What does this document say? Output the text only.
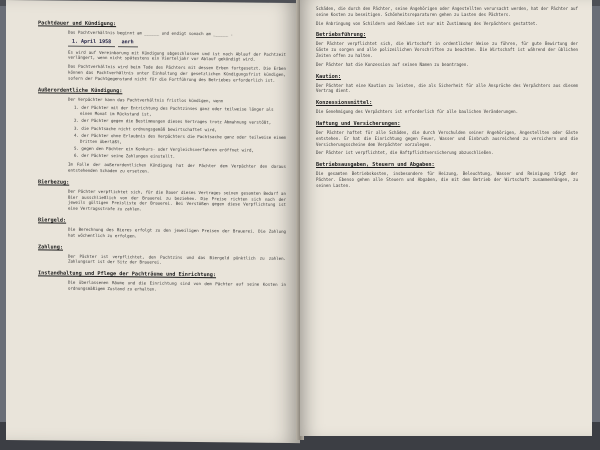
Pachtdauer und Kündigung:
Das Pachtverhältnis beginnt am ______ und endigt sonach am ______ .
1. April 1958 anrh
Es wird auf Vereinbarung mit Kündigung abgeschlossen und ist nach Ablauf der Pachtzeit verlängert, wenn nicht spätestens ein Vierteljahr vor Ablauf gekündigt wird.
Das Pachtverhältnis wird beim Tode des Pächters mit dessen Erben fortgesetzt. Die Erben können das Pachtverhältnis unter Einhaltung der gesetzlichen Kündigungsfrist kündigen, sofern der Pachtgegenstand nicht für die Fortführung des Betriebes erforderlich ist.
Außerordentliche Kündigung:
Der Verpächter kann das Pachtverhältnis fristlos kündigen, wenn
1. der Pächter mit der Entrichtung des Pachtzinses ganz oder teilweise länger als einen Monat im Rückstand ist,
2. der Pächter gegen die Bestimmungen dieses Vertrages trotz Abmahnung verstößt,
3. die Pachtsache nicht ordnungsgemäß bewirtschaftet wird,
4. der Pächter ohne Erlaubnis des Verpächters die Pachtsache ganz oder teilweise einem Dritten überläßt,
5. gegen den Pächter ein Konkurs- oder Vergleichsverfahren eröffnet wird,
6. der Pächter seine Zahlungen einstellt.
Im Falle der außerordentlichen Kündigung hat der Pächter dem Verpächter den daraus entstehenden Schaden zu ersetzen.
Bierbezug:
Der Pächter verpflichtet sich, für die Dauer dieses Vertrages seinen gesamten Bedarf an Bier ausschließlich von der Brauerei zu beziehen. Die Preise richten sich nach der jeweils gültigen Preisliste der Brauerei. Bei Verstößen gegen diese Verpflichtung ist eine Vertragsstrafe zu zahlen.
Biergeld:
Die Berechnung des Bieres erfolgt zu den jeweiligen Preisen der Brauerei. Die Zahlung hat wöchentlich zu erfolgen.
Zahlung:
Der Pächter ist verpflichtet, den Pachtzins und das Biergeld pünktlich zu zahlen. Zahlungsort ist der Sitz der Brauerei.
Instandhaltung und Pflege der Pachträume und Einrichtung:
Die überlassenen Räume und die Einrichtung sind von dem Pächter auf seine Kosten in ordnungsmäßigem Zustand zu erhalten.
Schäden, die durch den Pächter, seine Angehörigen oder Angestellten verursacht werden, hat der Pächter auf seine Kosten zu beseitigen. Schönheitsreparaturen gehen zu Lasten des Pächters.
Die Anbringung von Schildern und Reklame ist nur mit Zustimmung des Verpächters gestattet.
Betriebsführung:
Der Pächter verpflichtet sich, die Wirtschaft in ordentlicher Weise zu führen, für gute Bewirtung der Gäste zu sorgen und alle polizeilichen Vorschriften zu beachten. Die Wirtschaft ist während der üblichen Zeiten offen zu halten.
Der Pächter hat die Konzession auf seinen Namen zu beantragen.
Kaution:
Der Pächter hat eine Kaution zu leisten, die als Sicherheit für alle Ansprüche des Verpächters aus diesem Vertrag dient.
Konzessionsmittel:
Die Genehmigung des Verpächters ist erforderlich für alle baulichen Veränderungen.
Haftung und Versicherungen:
Der Pächter haftet für alle Schäden, die durch Verschulden seiner Angehörigen, Angestellten oder Gäste entstehen. Er hat die Einrichtung gegen Feuer, Wasser und Einbruch ausreichend zu versichern und die Versicherungsscheine dem Verpächter vorzulegen.
Der Pächter ist verpflichtet, die Haftpflichtversicherung abzuschließen.
Betriebsausgaben, Steuern und Abgaben:
Die gesamten Betriebskosten, insbesondere für Heizung, Beleuchtung, Wasser und Reinigung trägt der Pächter. Ebenso gehen alle Steuern und Abgaben, die mit dem Betrieb der Wirtschaft zusammenhängen, zu seinen Lasten.
